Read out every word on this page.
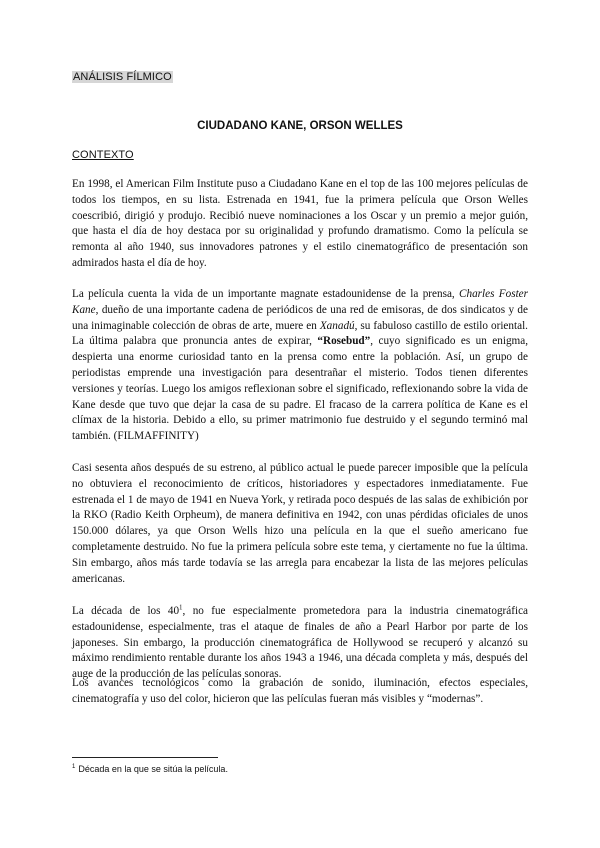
ANÁLISIS FÍLMICO
CIUDADANO KANE, ORSON WELLES
CONTEXTO

En 1998, el American Film Institute puso a Ciudadano Kane en el top de las 100 mejores películas de todos los tiempos, en su lista. Estrenada en 1941, fue la primera película que Orson Welles coescribió, dirigió y produjo. Recibió nueve nominaciones a los Oscar y un premio a mejor guión, que hasta el día de hoy destaca por su originalidad y profundo dramatismo. Como la película se remonta al año 1940, sus innovadores patrones y el estilo cinematográfico de presentación son admirados hasta el día de hoy.

La película cuenta la vida de un importante magnate estadounidense de la prensa, Charles Foster Kane, dueño de una importante cadena de periódicos de una red de emisoras, de dos sindicatos y de una inimaginable colección de obras de arte, muere en Xanadú, su fabuloso castillo de estilo oriental. La última palabra que pronuncia antes de expirar, “Rosebud”, cuyo significado es un enigma, despierta una enorme curiosidad tanto en la prensa como entre la población. Así, un grupo de periodistas emprende una investigación para desentrañar el misterio. Todos tienen diferentes versiones y teorías. Luego los amigos reflexionan sobre el significado, reflexionando sobre la vida de Kane desde que tuvo que dejar la casa de su padre. El fracaso de la carrera política de Kane es el clímax de la historia. Debido a ello, su primer matrimonio fue destruido y el segundo terminó mal también. (FILMAFFINITY)

Casi sesenta años después de su estreno, al público actual le puede parecer imposible que la película no obtuviera el reconocimiento de críticos, historiadores y espectadores inmediatamente. Fue estrenada el 1 de mayo de 1941 en Nueva York, y retirada poco después de las salas de exhibición por la RKO (Radio Keith Orpheum), de manera definitiva en 1942, con unas pérdidas oficiales de unos 150.000 dólares, ya que Orson Wells hizo una película en la que el sueño americano fue completamente destruido. No fue la primera película sobre este tema, y ciertamente no fue la última. Sin embargo, años más tarde todavía se las arregla para encabezar la lista de las mejores películas americanas.

La década de los $40^1$, no fue especialmente prometedora para la industria cinematográfica estadounidense, especialmente, tras el ataque de finales de año a Pearl Harbor por parte de los japoneses. Sin embargo, la producción cinematográfica de Hollywood se recuperó y alcanzó su máximo rendimiento rentable durante los años 1943 a 1946, una década completa y más, después del auge de la producción de las películas sonoras.

Los avances tecnológicos como la grabación de sonido, iluminación, efectos especiales, cinematografía y uso del color, hicieron que las películas fueran más visibles y “modernas”.

$^1$ Década en la que se sitúa la película.
